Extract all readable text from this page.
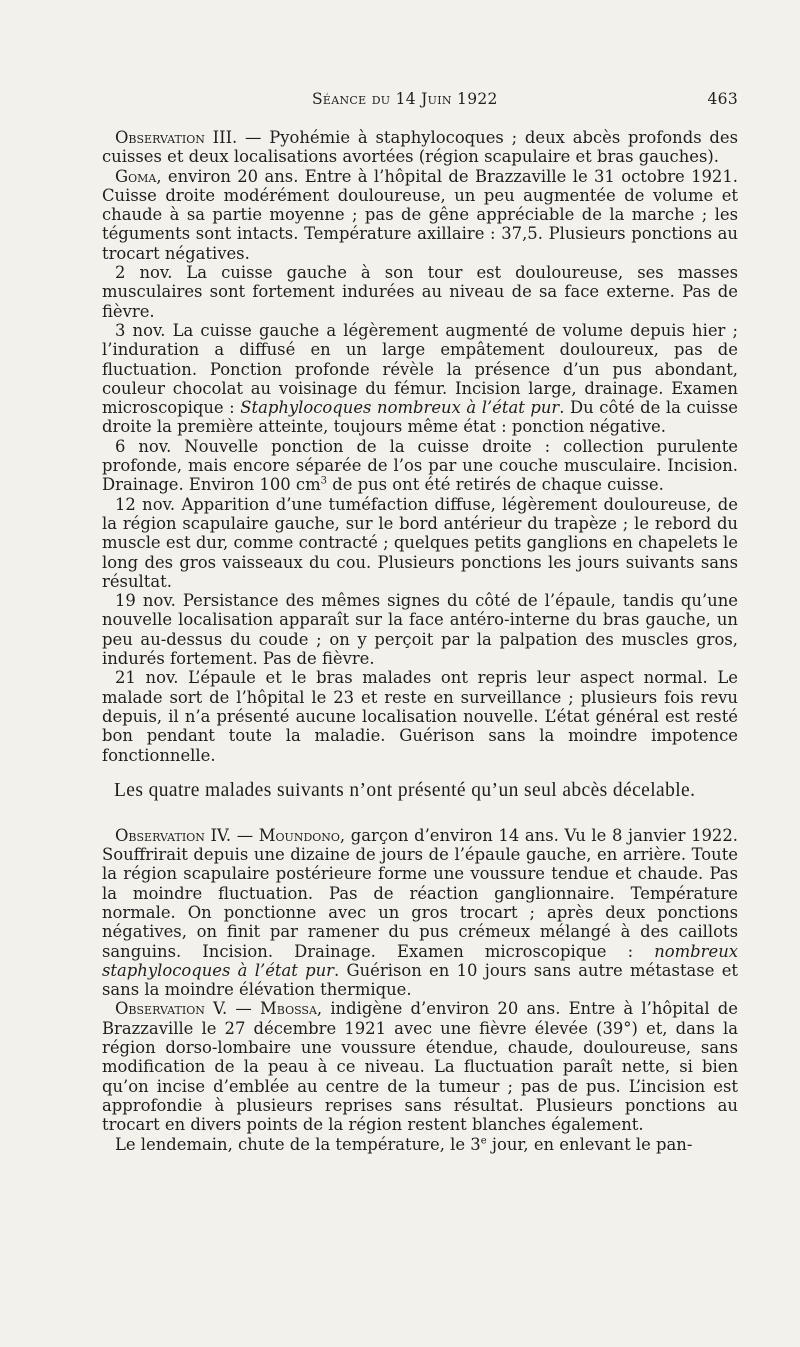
Séance du 14 Juin 1922	463

Observation III. — Pyohémie à staphylocoques ; deux abcès profonds des cuisses et deux localisations avortées (région scapulaire et bras gauches).

Goma, environ 20 ans. Entre à l’hôpital de Brazzaville le 31 octobre 1921. Cuisse droite modérément douloureuse, un peu augmentée de volume et chaude à sa partie moyenne ; pas de gêne appréciable de la marche ; les téguments sont intacts. Température axillaire : 37,5. Plusieurs ponctions au trocart négatives.

2 nov. La cuisse gauche à son tour est douloureuse, ses masses musculaires sont fortement indurées au niveau de sa face externe. Pas de fièvre.

3 nov. La cuisse gauche a légèrement augmenté de volume depuis hier ; l’induration a diffusé en un large empâtement douloureux, pas de fluctuation. Ponction profonde révèle la présence d’un pus abondant, couleur chocolat au voisinage du fémur. Incision large, drainage. Examen microscopique : Staphylocoques nombreux à l’état pur. Du côté de la cuisse droite la première atteinte, toujours même état : ponction négative.

6 nov. Nouvelle ponction de la cuisse droite : collection purulente profonde, mais encore séparée de l’os par une couche musculaire. Incision. Drainage. Environ 100 $cm^3$ de pus ont été retirés de chaque cuisse.

12 nov. Apparition d’une tuméfaction diffuse, légèrement douloureuse, de la région scapulaire gauche, sur le bord antérieur du trapèze ; le rebord du muscle est dur, comme contracté ; quelques petits ganglions en chapelets le long des gros vaisseaux du cou. Plusieurs ponctions les jours suivants sans résultat.

19 nov. Persistance des mêmes signes du côté de l’épaule, tandis qu’une nouvelle localisation apparaît sur la face antéro-interne du bras gauche, un peu au-dessus du coude ; on y perçoit par la palpation des muscles gros, indurés fortement. Pas de fièvre.

21 nov. L’épaule et le bras malades ont repris leur aspect normal. Le malade sort de l’hôpital le 23 et reste en surveillance ; plusieurs fois revu depuis, il n’a présenté aucune localisation nouvelle. L’état général est resté bon pendant toute la maladie. Guérison sans la moindre impotence fonctionnelle.

Les quatre malades suivants n’ont présenté qu’un seul abcès décelable.

Observation IV. — Moundono, garçon d’environ 14 ans. Vu le 8 janvier 1922. Souffrirait depuis une dizaine de jours de l’épaule gauche, en arrière. Toute la région scapulaire postérieure forme une voussure tendue et chaude. Pas la moindre fluctuation. Pas de réaction ganglionnaire. Température normale. On ponctionne avec un gros trocart ; après deux ponctions négatives, on finit par ramener du pus crémeux mélangé à des caillots sanguins. Incision. Drainage. Examen microscopique : nombreux staphylocoques à l’état pur. Guérison en 10 jours sans autre métastase et sans la moindre élévation thermique.

Observation V. — Mbossa, indigène d’environ 20 ans. Entre à l’hôpital de Brazzaville le 27 décembre 1921 avec une fièvre élevée (39°) et, dans la région dorso-lombaire une voussure étendue, chaude, douloureuse, sans modification de la peau à ce niveau. La fluctuation paraît nette, si bien qu’on incise d’emblée au centre de la tumeur ; pas de pus. L’incision est approfondie à plusieurs reprises sans résultat. Plusieurs ponctions au trocart en divers points de la région restent blanches également.

Le lendemain, chute de la température, le 3e jour, en enlevant le pan-
